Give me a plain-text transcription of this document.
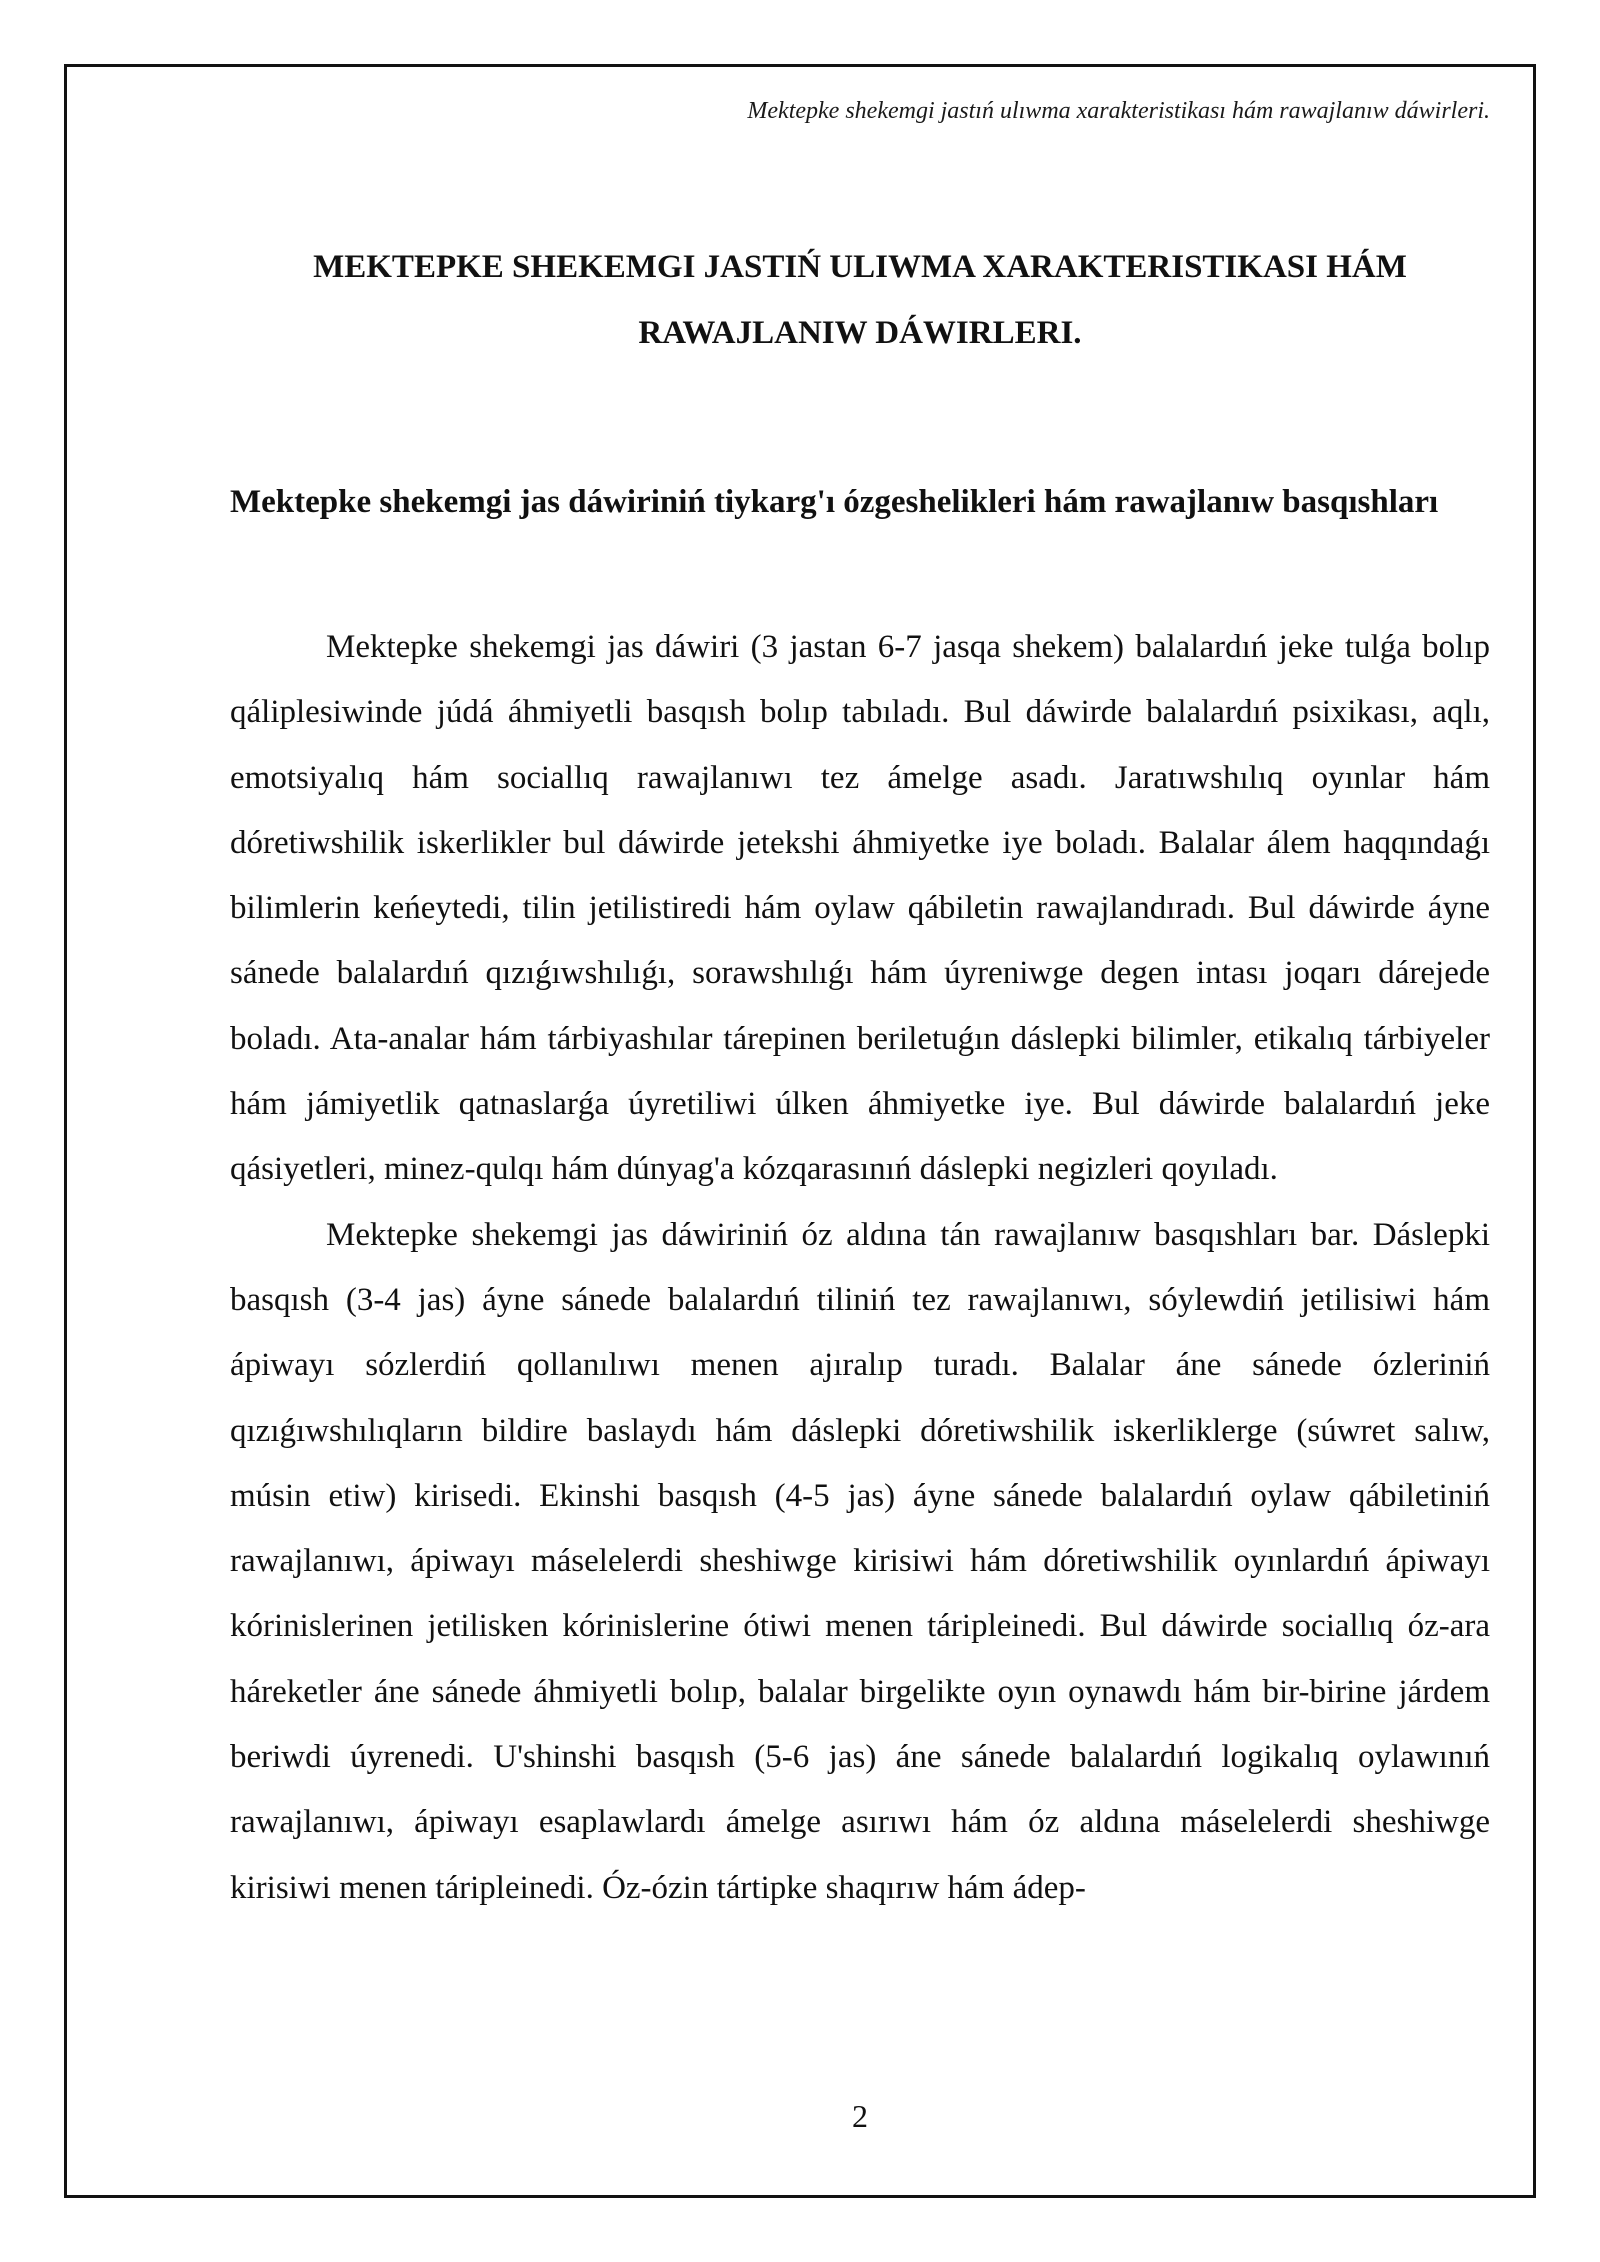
Mektepke shekemgi jastıń ulıwma xarakteristikası hám rawajlanıw dáwirleri.
MEKTEPKE SHEKEMGI JASTIŃ ULIWMA XARAKTERISTIKASI HÁM RAWAJLANIW DÁWIRLERI.
Mektepke shekemgi jas dáwiriniń tiykarg'ı ózgeshelikleri hám rawajlanıw basqıshları

Mektepke shekemgi jas dáwiri (3 jastan 6-7 jasqa shekem) balalardıń jeke tulǵa bolıp qáliplesiwinde júdá áhmiyetli basqısh bolıp tabıladı. Bul dáwirde balalardıń psixikası, aqlı, emotsiyalıq hám sociallıq rawajlanıwı tez ámelge asadı. Jaratıwshılıq oyınlar hám dóretiwshilik iskerlikler bul dáwirde jetekshi áhmiyetke iye boladı. Balalar álem haqqındaǵı bilimlerin keńeytedi, tilin jetilistiredi hám oylaw qábiletin rawajlandıradı. Bul dáwirde áyne sánede balalardıń qızıǵıwshılıǵı, sorawshılıǵı hám úyreniwge degen intası joqarı dárejede boladı. Ata-analar hám tárbiyashılar tárepinen beriletuǵın dáslepki bilimler, etikalıq tárbiyeler hám jámiyetlik qatnaslarǵa úyretiliwi úlken áhmiyetke iye. Bul dáwirde balalardıń jeke qásiyetleri, minez-qulqı hám dúnyag'a kózqarasınıń dáslepki negizleri qoyıladı.

Mektepke shekemgi jas dáwiriniń óz aldına tán rawajlanıw basqıshları bar. Dáslepki basqısh (3-4 jas) áyne sánede balalardıń tiliniń tez rawajlanıwı, sóylewdiń jetilisiwi hám ápiwayı sózlerdiń qollanılıwı menen ajıralıp turadı. Balalar áne sánede ózleriniń qızıǵıwshılıqların bildire baslaydı hám dáslepki dóretiwshilik iskerliklerge (súwret salıw, músin etiw) kirisedi. Ekinshi basqısh (4-5 jas) áyne sánede balalardıń oylaw qábiletiniń rawajlanıwı, ápiwayı máselelerdi sheshiwge kirisiwi hám dóretiwshilik oyınlardıń ápiwayı kórinislerinen jetilisken kórinislerine ótiwi menen táripleinedi. Bul dáwirde sociallıq óz-ara háreketler áne sánede áhmiyetli bolıp, balalar birgelikte oyın oynawdı hám bir-birine járdem beriwdi úyrenedi. U'shinshi basqısh (5-6 jas) áne sánede balalardıń logikalıq oylawınıń rawajlanıwı, ápiwayı esaplawlardı ámelge asırıwı hám óz aldına máselelerdi sheshiwge kirisiwi menen táripleinedi. Óz-ózin tártipke shaqırıw hám ádep-

2
